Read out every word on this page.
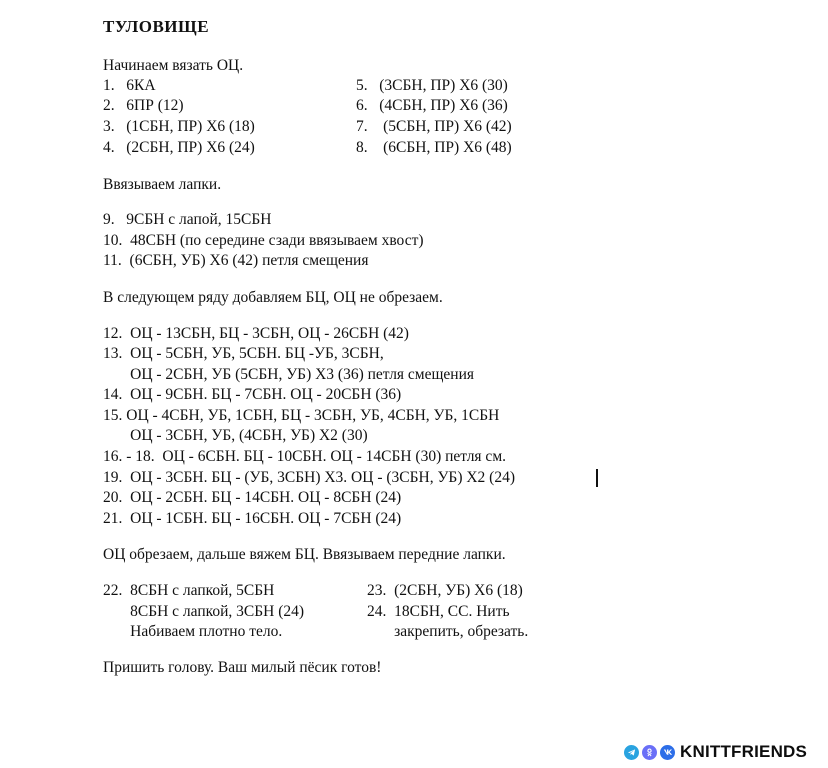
ТУЛОВИЩЕ
Начинаем вязать ОЦ.
1.   6КА
2.   6ПР (12)
3.   (1СБН, ПР) Х6 (18)
4.   (2СБН, ПР) Х6 (24)
5.   (3СБН, ПР) Х6 (30)
6.   (4СБН, ПР) Х6 (36)
7.    (5СБН, ПР) Х6 (42)
8.    (6СБН, ПР) Х6 (48)
Ввязываем лапки.
9.   9СБН с лапой, 15СБН
10.  48СБН (по середине сзади ввязываем хвост)
11.  (6СБН, УБ) Х6 (42) петля смещения
В следующем ряду добавляем БЦ, ОЦ не обрезаем.
12.  ОЦ - 13СБН, БЦ - 3СБН, ОЦ - 26СБН (42)
13.  ОЦ - 5СБН, УБ, 5СБН. БЦ -УБ, 3СБН,
ОЦ - 2СБН, УБ (5СБН, УБ) Х3 (36) петля смещения
14.  ОЦ - 9СБН. БЦ - 7СБН. ОЦ - 20СБН (36)
15. ОЦ - 4СБН, УБ, 1СБН, БЦ - 3СБН, УБ, 4СБН, УБ, 1СБН
ОЦ - 3СБН, УБ, (4СБН, УБ) Х2 (30)
16. - 18.  ОЦ - 6СБН. БЦ - 10СБН. ОЦ - 14СБН (30) петля см.
19.  ОЦ - 3СБН. БЦ - (УБ, 3СБН) Х3. ОЦ - (3СБН, УБ) Х2 (24)
20.  ОЦ - 2СБН. БЦ - 14СБН. ОЦ - 8СБН (24)
21.  ОЦ - 1СБН. БЦ - 16СБН. ОЦ - 7СБН (24)
ОЦ обрезаем, дальше вяжем БЦ. Ввязываем передние лапки.
22.  8СБН с лапкой, 5СБН
8СБН с лапкой, 3СБН (24)
Набиваем плотно тело.
23.  (2СБН, УБ) Х6 (18)
24.  18СБН, СС. Нить
закрепить, обрезать.
Пришить голову. Ваш милый пёсик готов!
KNITTFRIENDS
